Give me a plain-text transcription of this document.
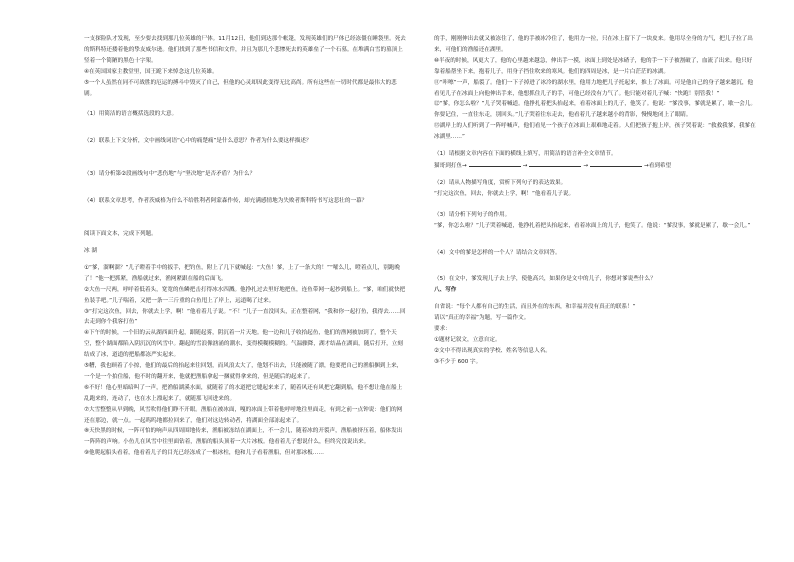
一支探险队才发现，至少要去找到那几位英雄的尸体。11月12日，他们到达那个帐篷，发现英雄们的尸体已经冻僵在睡袋里。死去的斯科特还搂着他的挚友威尔逊。他们找到了那些书信和文件，并且为那几个悲惨死去的英雄垒了一个石墓。在堆满白雪的墓顶上竖着一个简陋的黑色十字架。

④在英国国家主教堂里，国王跪下来悼念这几位英雄。

⑤一个人虽然在同不可战胜的厄运的搏斗中毁灭了自己，但他的心灵却因此变得无比高尚。所有这些在一切时代都是最伟大的悲剧。

（1）用简洁的语言概括选段的大意。

（2）联系上下文分析，文中画线词语“心中的痛楚痛”是什么意思？作者为什么要这样描述？

（3）请分析第②段画线句中“悲伤地”与“坚决地”是否矛盾？为什么？

（4）联系文章思考，作者茨威格为什么不给胜利者阿蒙森作传，却充满感情地为失败者斯科特书写这悲壮的一幕？

阅读下面文本，完成下列题。

冰 湖

①“爹，溜啊溜？”儿子瞪着手中的扳手，把钓鱼，附上了几下就喊起：“大鱼！爹，上了一条大的！”“嚯么儿，瞪着点儿，别跑晚了！”他一把抓紧，渔船就过来，渔网紧跟在船的后面飞。

②大鱼一尺两，呼呼着低着头，宽宽的鱼鳞把击打得冰水四溅。他挣扎过去里好地把鱼，连鱼带网一起抄到船上。“爹，咱们就快把鱼装手吧。”儿子喘着，又把一条一三斤重的白鱼甩上了岸上，远道喝了过来。

③“打完这次鱼，回去，你就去上学，啊！”他看着儿子说。“不！”儿子一直没回头，正在整着网，“我和你一起打鱼，我得去……回去走到你个我客打鱼”

④下午的时候，一个旧的云从湖西面升起，跟随起雾，阴沉着一片天地。他一边和儿子收拾起鱼，他们的渔网被加到了，整个天空，整个湖面都陷入阴沉沉的风雪中。翻起的雪浪像汹涌的潮水，变得模糊模糊的。气温骤降，湖才结晶在湖面，随后打开，立刻结成了冰，道道的把船都冻严实起来。

⑤糟，我也顾着了小掠，他们的最后的抬起来往回划，而风浪太大了，他划不出去，只能被随了漂，他要把自己的渔船捆到上来，一个是一个拍住船，他不时的翻开来，他就把渔船拿起一捆就得拿来的，但是随后的起来了。

⑥不好！他心里暗暗叫了一声，把渔船湖溪水面，就随着了的水道把它缝起来来了，随着风还有风把它翻到船，他不想让他在船上乱跑来的，连动了，也在水上漂起来了，就随那飞回进来的。

⑦大雪整整从早到晚，风雪吹得他们睁不开眼。渔船在被冰面，嘎的冰面上带着他呼呼地往里面走，有到之前一点钟说：他们的网还在那边，就一点。一起呜呜地都拉回来了，他们对这边转动者，将湖面全部冻起来了。

⑧天快黑的时候，一阵可怕的响声从四周围地传来，渔船被冻结在湖面上，不一会儿，随着冰的开裂声，渔船被挤压着，船体发出一阵阵的声响。小鱼儿在风雪中往里面钻着，渔船的船头顶着一大片冰板。他看着儿子想说什么，但终究没说出来。

⑨他爬起船头看着，他看着儿子的目光已经冻成了一根冰柱，他和儿子看着渔船，但对那冰板……

的手，刚刚伸出去就又被冻住了，他的手被冰冷住了，他用力一拉，只在冰上留下了一块皮来。他用尽全身的力气，把儿子拉了出来，可他们的渔船还在湖里。

⑩半夜的时候，风更大了，他的心里越来越急，伸出手一摸，冰面上到处是冰碴子，他的手一下子被割破了，血流了出来。他只好靠着船帮坐下来，抱着儿子，用身子挡住吹来的寒风。他们的四周是冰，是一片白茫茫的冰湖。

⑪“咔嚓”一声，船裂了。他们一下子掉进了冰冷的湖水里，他用力地把儿子托起来，推上了冰面。可是他自己的身子越来越沉，他看见儿子在冰面上向他伸出手来，他想抓住儿子的手，可他已经没有力气了。他只能对着儿子喊：“快跑！别管我！”

⑫“爹，你怎么啦？”儿子哭着喊道。他挣扎着把头抬起来，看着冰面上的儿子，他笑了。他说：“爹没事，爹就是累了，歇一会儿。你要记住，一直往东走，别回头。”儿子哭着往东走去，他看着儿子越来越小的背影，慢慢地闭上了眼睛。

⑬湖岸上的人们听到了一阵呼喊声，他们看见一个孩子在冰面上艰难地走着。人们把孩子抱上岸，孩子哭着说：“救救我爹，我爹在冰湖里……”

（1）请根据文章内容在下面的横线上填写，用简洁的语言补全文章情节。

猫哥到打鱼→	→	→	→看到希望

（2）请从人物描写角度，赏析下列句子的表达效果。

“打完这次鱼，回去，你就去上学，啊！”他看着儿子说。

（3）请分析下列句子的作用。

“爹，你怎么啦？”儿子哭着喊道，他挣扎着把头抬起来，看着冰面上的儿子，他笑了。他说：“爹没事，爹就是累了，歇一会儿。”

（4）文中的爹是怎样的一个人？请结合文章回答。

（5）在文中，爹发现儿子去上学，使他高兴，如果你是文中的儿子，你想对爹说些什么？

八、写作

自省说：“每个人都有自己的生活，而且外在的东西，和幸福并没有真正的联系！”

请以“真正的幸福”为题，写一篇作文。

要求：

①题材记叙文，立意自定。

②文中不得出现真实的学校、姓名等信息人名。

③不少于 600 字。
